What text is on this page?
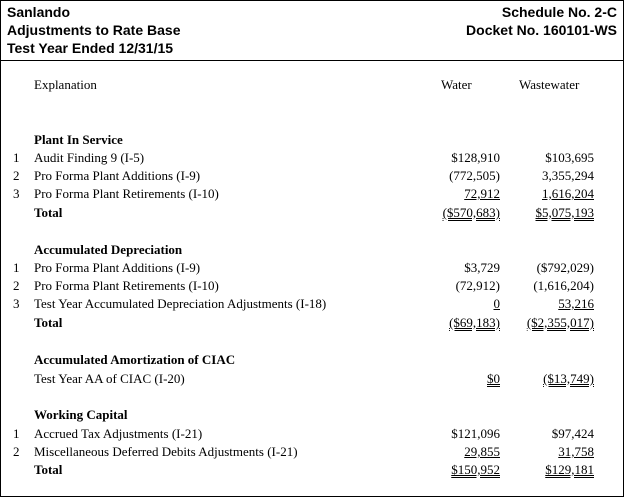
Sanlando
Adjustments to Rate Base
Test Year Ended 12/31/15
Schedule No. 2-C
Docket No. 160101-WS
Explanation	Water	Wastewater
Plant In Service
1 Audit Finding 9 (I-5)	$128,910	$103,695
2 Pro Forma Plant Additions (I-9)	(772,505)	3,355,294
3 Pro Forma Plant Retirements (I-10)	72,912	1,616,204
Total	($570,683)	$5,075,193
Accumulated Depreciation
1 Pro Forma Plant Additions (I-9)	$3,729	($792,029)
2 Pro Forma Plant Retirements (I-10)	(72,912)	(1,616,204)
3 Test Year Accumulated Depreciation Adjustments (I-18)	0	53,216
Total	($69,183) ($2,355,017)
Accumulated Amortization of CIAC
Test Year AA of CIAC (I-20)	$0	($13,749)
Working Capital
1 Accrued Tax Adjustments (I-21)	$121,096	$97,424
2 Miscellaneous Deferred Debits Adjustments (I-21)	29,855	31,758
Total	$150,952	$129,181
